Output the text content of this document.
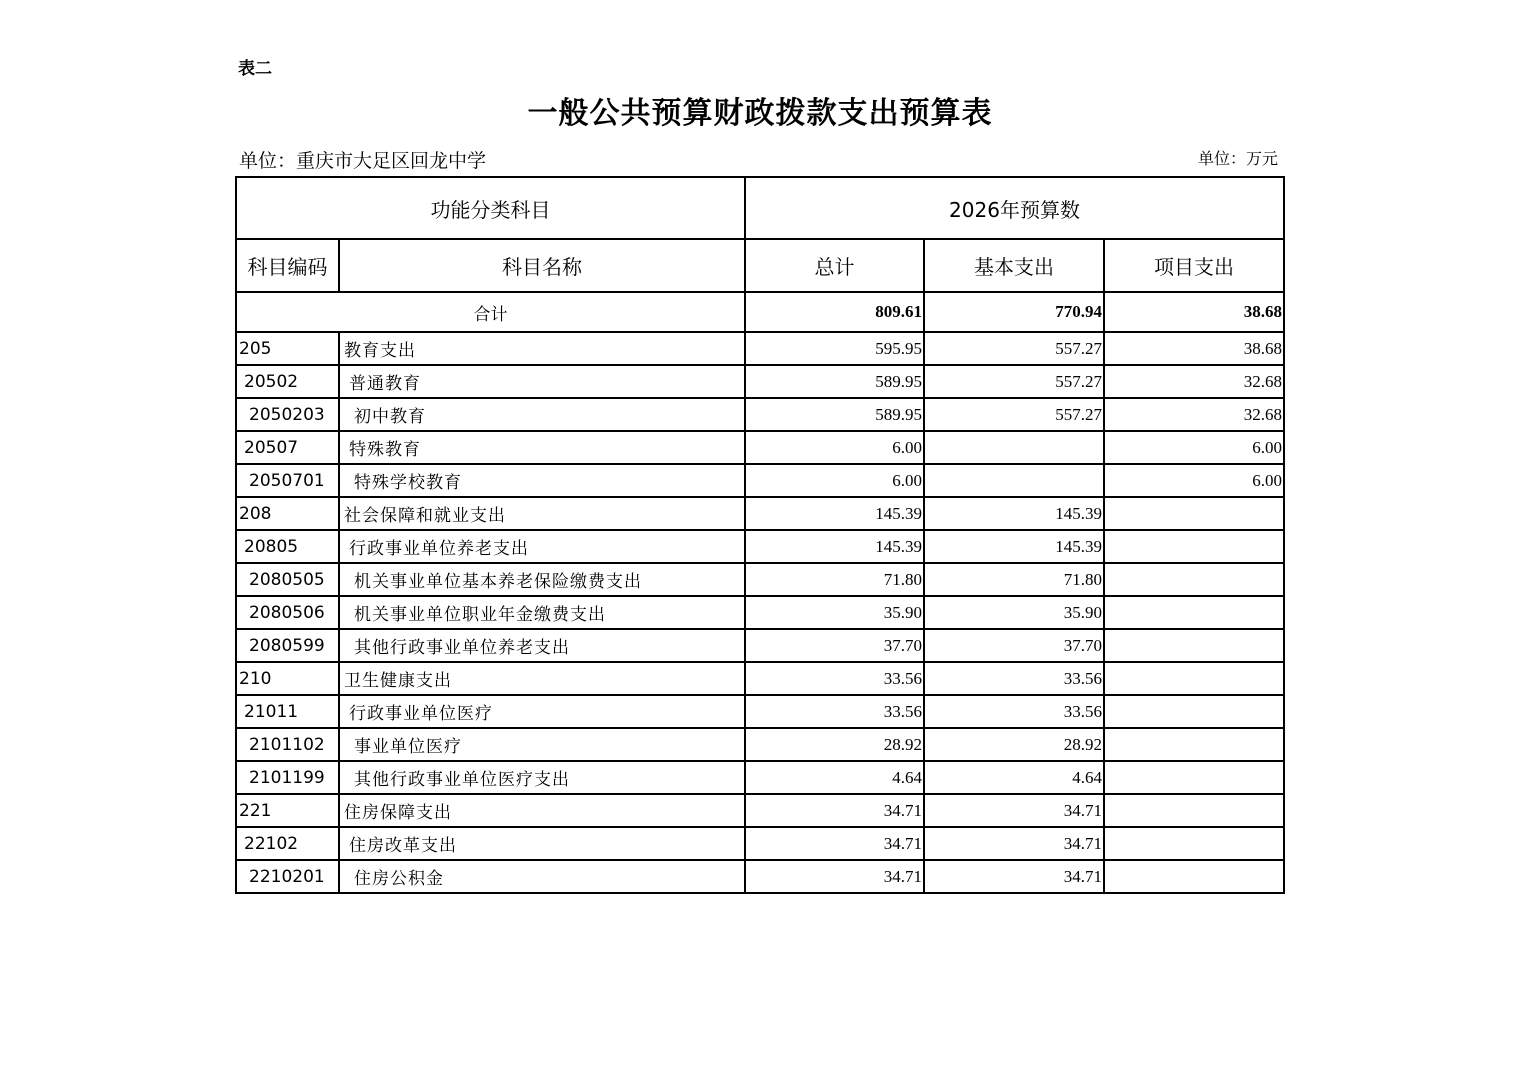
表二
一般公共预算财政拨款支出预算表
单位：重庆市大足区回龙中学	单位：万元
功能分类科目		2026年预算数		
科目编码	科目名称	总计	基本支出	项目支出
合计		809.61	770.94	38.68
205	教育支出	595.95	557.27	38.68
20502	普通教育	589.95	557.27	32.68
2050203	初中教育	589.95	557.27	32.68
20507	特殊教育	6.00		6.00
2050701	特殊学校教育	6.00		6.00
208	社会保障和就业支出	145.39	145.39	
20805	行政事业单位养老支出	145.39	145.39	
2080505	机关事业单位基本养老保险缴费支出	71.80	71.80	
2080506	机关事业单位职业年金缴费支出	35.90	35.90	
2080599	其他行政事业单位养老支出	37.70	37.70	
210	卫生健康支出	33.56	33.56	
21011	行政事业单位医疗	33.56	33.56	
2101102	事业单位医疗	28.92	28.92	
2101199	其他行政事业单位医疗支出	4.64	4.64	
221	住房保障支出	34.71	34.71	
22102	住房改革支出	34.71	34.71	
2210201	住房公积金	34.71	34.71	
